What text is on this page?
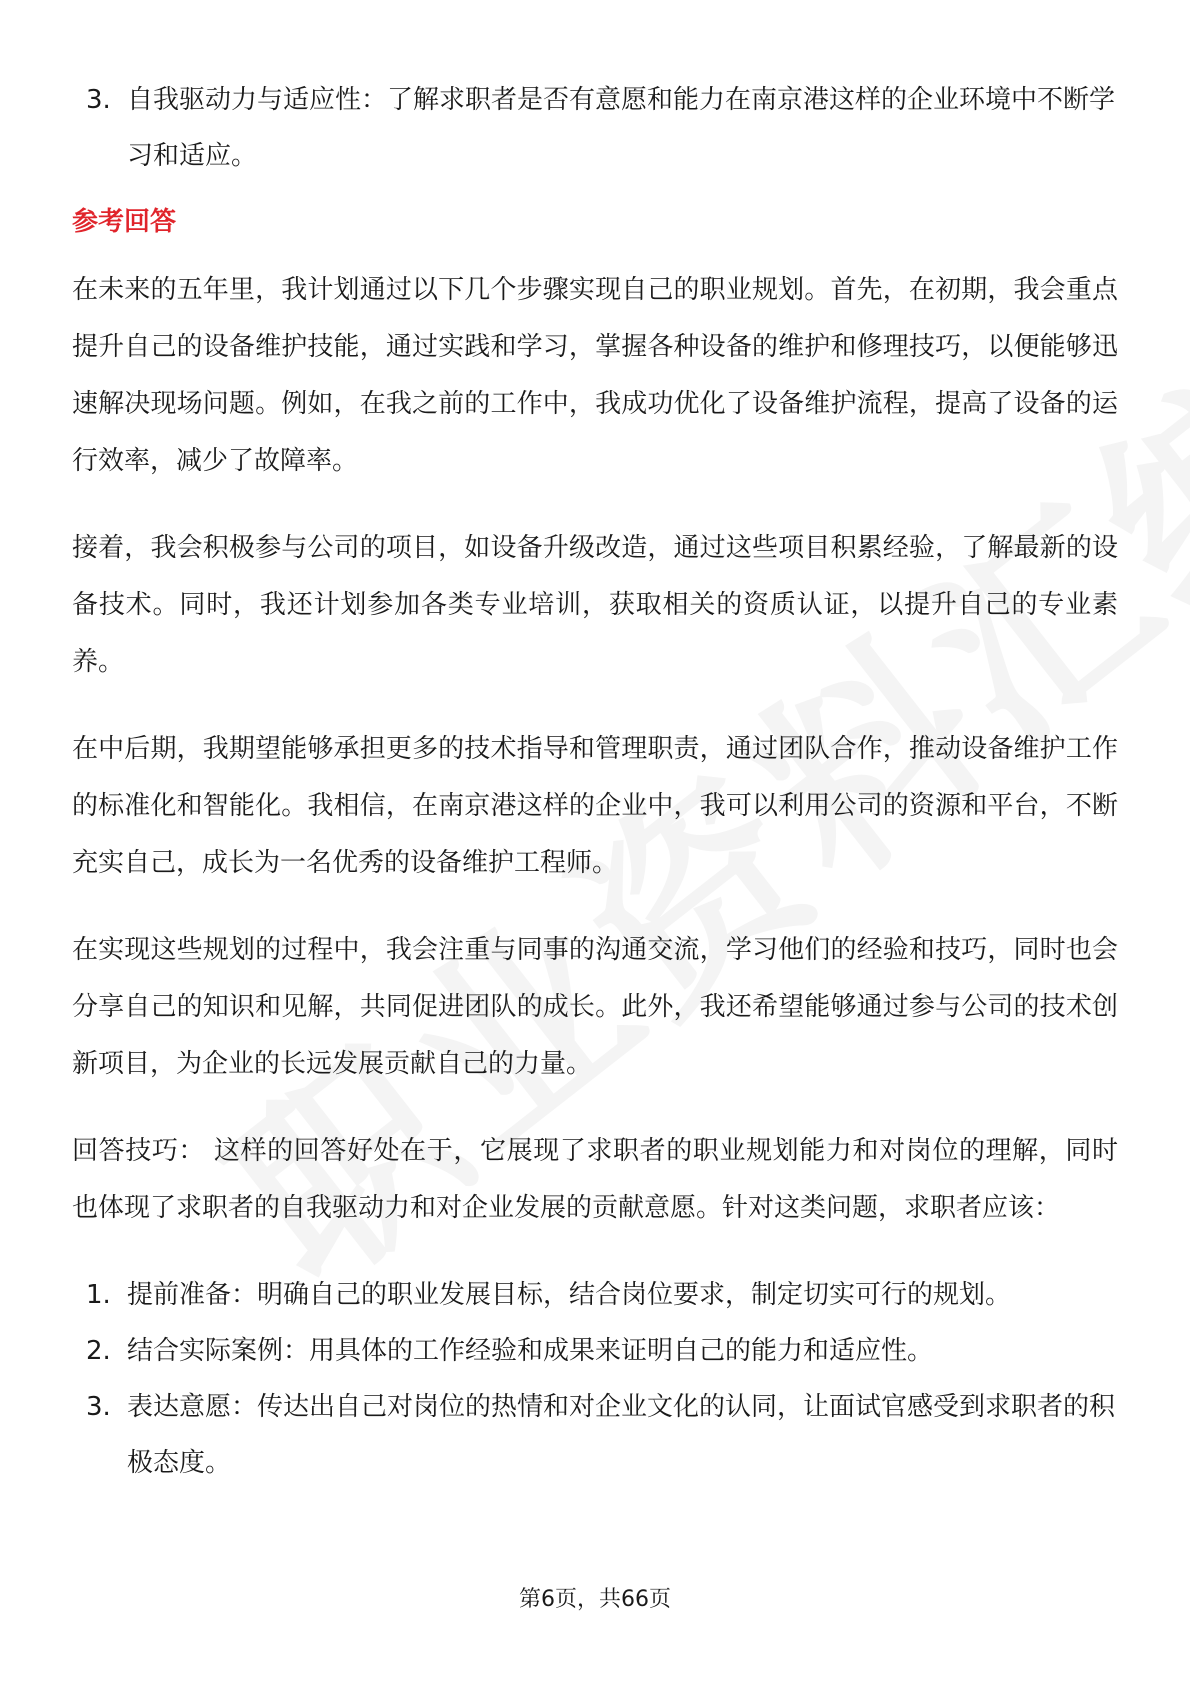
3. 自我驱动力与适应性：了解求职者是否有意愿和能力在南京港这样的企业环境中不断学习和适应。
参考回答

在未来的五年里，我计划通过以下几个步骤实现自己的职业规划。首先，在初期，我会重点提升自己的设备维护技能，通过实践和学习，掌握各种设备的维护和修理技巧，以便能够迅速解决现场问题。例如，在我之前的工作中，我成功优化了设备维护流程，提高了设备的运行效率，减少了故障率。

接着，我会积极参与公司的项目，如设备升级改造，通过这些项目积累经验，了解最新的设备技术。同时，我还计划参加各类专业培训，获取相关的资质认证，以提升自己的专业素养。

在中后期，我期望能够承担更多的技术指导和管理职责，通过团队合作，推动设备维护工作的标准化和智能化。我相信，在南京港这样的企业中，我可以利用公司的资源和平台，不断充实自己，成长为一名优秀的设备维护工程师。

在实现这些规划的过程中，我会注重与同事的沟通交流，学习他们的经验和技巧，同时也会分享自己的知识和见解，共同促进团队的成长。此外，我还希望能够通过参与公司的技术创新项目，为企业的长远发展贡献自己的力量。

回答技巧： 这样的回答好处在于，它展现了求职者的职业规划能力和对岗位的理解，同时也体现了求职者的自我驱动力和对企业发展的贡献意愿。针对这类问题，求职者应该：

1. 提前准备：明确自己的职业发展目标，结合岗位要求，制定切实可行的规划。
2. 结合实际案例：用具体的工作经验和成果来证明自己的能力和适应性。
3. 表达意愿：传达出自己对岗位的热情和对企业文化的认同，让面试官感受到求职者的积极态度。
第6页，共66页
